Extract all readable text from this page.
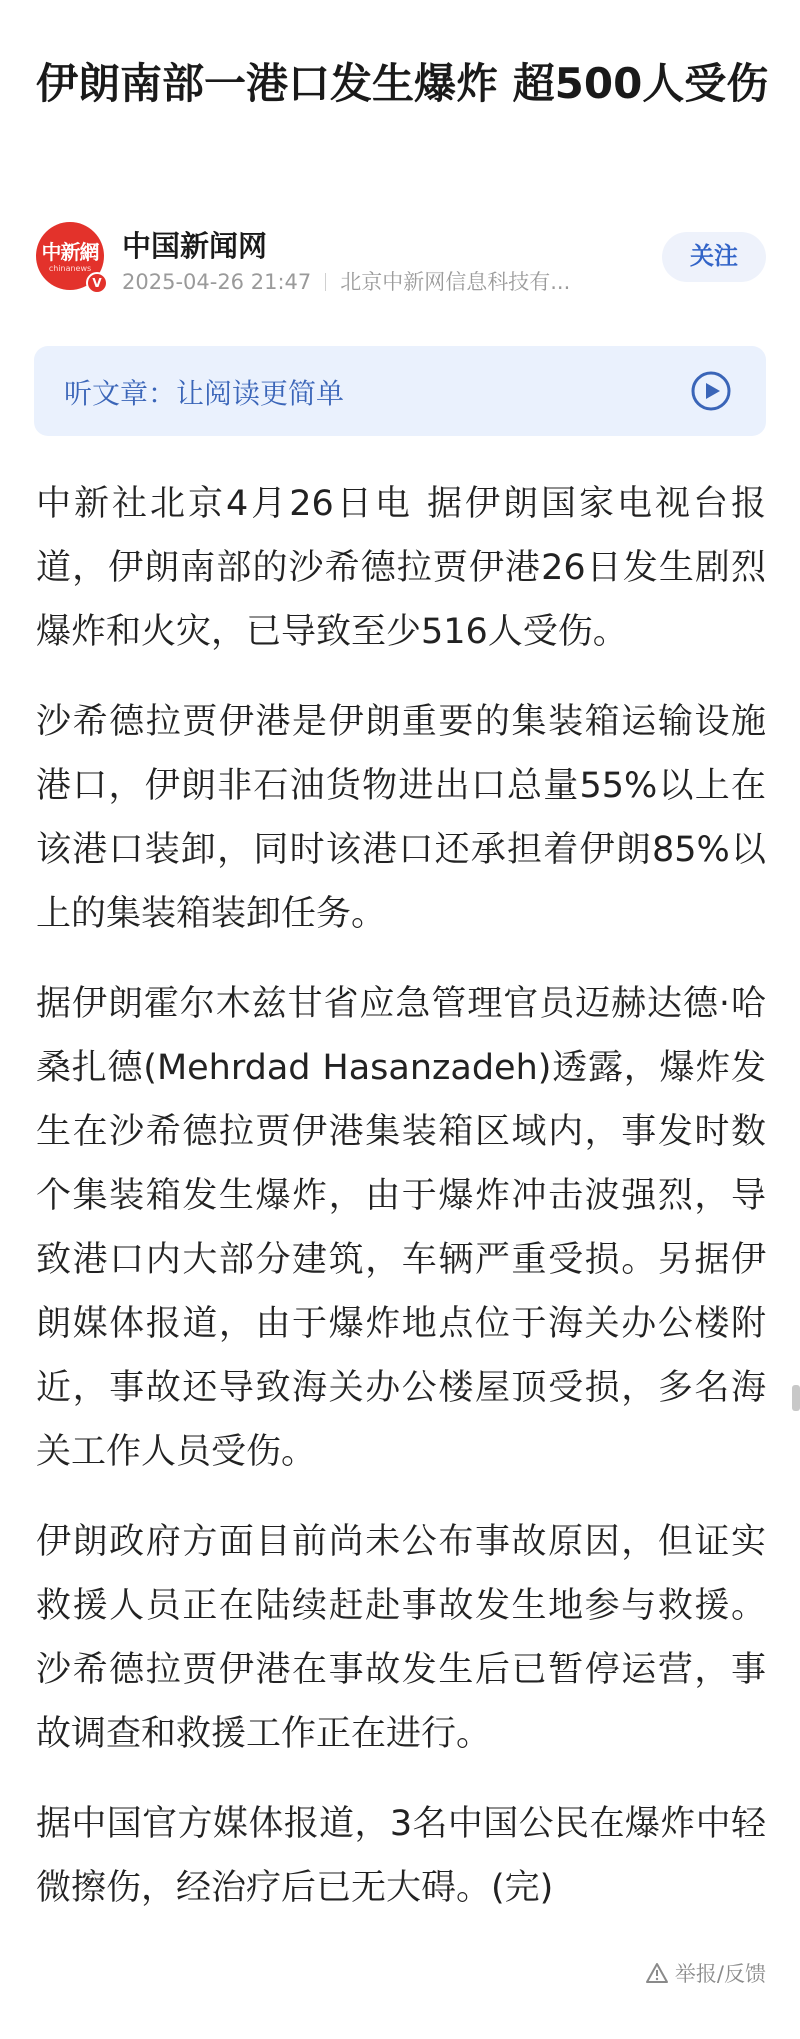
伊朗南部一港口发生爆炸 超500人受伤
中新網
chinanews
V
中国新闻网
2025-04-26 21:47 北京中新网信息科技有...
关注
听文章：让阅读更简单

中新社北京4月26日电 据伊朗国家电视台报道，伊朗南部的沙希德拉贾伊港26日发生剧烈爆炸和火灾，已导致至少516人受伤。

沙希德拉贾伊港是伊朗重要的集装箱运输设施港口，伊朗非石油货物进出口总量55%以上在该港口装卸，同时该港口还承担着伊朗85%以上的集装箱装卸任务。

据伊朗霍尔木兹甘省应急管理官员迈赫达德·哈桑扎德(Mehrdad Hasanzadeh)透露，爆炸发生在沙希德拉贾伊港集装箱区域内，事发时数个集装箱发生爆炸，由于爆炸冲击波强烈，导致港口内大部分建筑，车辆严重受损。另据伊朗媒体报道，由于爆炸地点位于海关办公楼附近，事故还导致海关办公楼屋顶受损，多名海关工作人员受伤。

伊朗政府方面目前尚未公布事故原因，但证实救援人员正在陆续赶赴事故发生地参与救援。沙希德拉贾伊港在事故发生后已暂停运营，事故调查和救援工作正在进行。

据中国官方媒体报道，3名中国公民在爆炸中轻微擦伤，经治疗后已无大碍。(完)

举报/反馈
